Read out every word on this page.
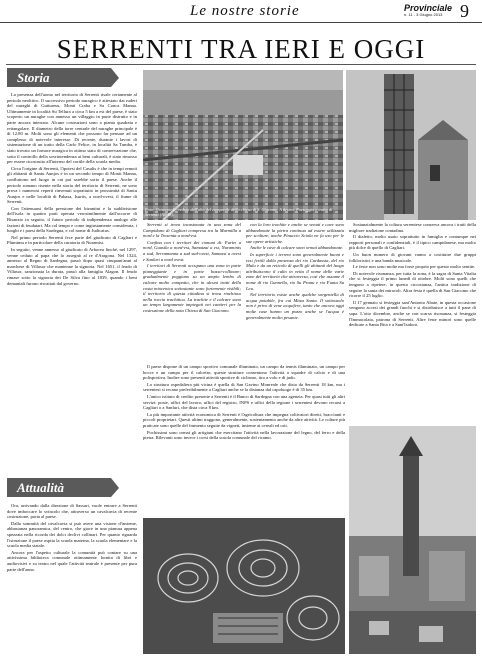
Le nostre storie	Provinciale
n. 11 - 3 Giugno 2013 9
SERRENTI TRA IERI E OGGI
Storia

La presenza dell'uomo nel territorio di Serrenti risale certamente al periodo neolitico. Il successivo periodo nuragico è attestato dai ruderi del nuraghi di Guttureus, Monti Craba e Sa Conca Manna. Ultimamente in località Su Tellura a circa 5 km a est del paese, è stato scoperto un nuraghe con annesso un villaggio in parte distrutto e in parte ancora interrato. Alcune costruzioni sono a pianta quadrata e rettangolare. Il diametro della torre centrale del nuraghe principale è di 12,80 m. Molti sono gli elementi che possono far pensare ad un complesso di notevole interesse. Di recente, durante i lavori di sistemazione di un tratto della Carlo Felice, in località Sa Tumba, è stato trovato un fornace nuragica in ottimo stato di conservazione che, sotto il controllo della sovrintendenza ai beni culturali, è stato rimosso per essere ricostruito all'interno del cortile della scuola media.

Circa l'origine di Serrenti, l'ipotesi del Casalis è che in tempi remoti gli abitanti di Santu Aunjos e in un secondo tempo di Monti Manna, confluirono nel luogo in cui poi sarebbe sorto il paese. Anche il periodo romano risente nella storia del territorio di Serrenti, ne sono prova i numerosi reperti rinvenuti soprattutto in prossimità di Santu Aunjos e nelle località di Pabasa, Isurtis, a nord-ovest, il fiume di Serrenti.

Con l'attenuarsi della pressione dei bizantini e la suddivisione dell'isola in quattro parti operata verosimilmente dall'accorre di Bisanzio in seguito, il futuro periodo di indipendenza analogo alle fazioni di feudatari. Ma col tempo e come ingiustamente considerata, i luoghi e i paesi della Sardegna, e col nome di Judicatus.

Nel primo periodo Serrenti fece parte del giudicato di Cagliari e Plumimu e in particolare della curatoria di Nuramisi.

In seguito, venne annesso al giudicato di Arborea finché, nel 1297, venne ceduto al papa che lo assegnò al re d'Aragona. Nel 1324, annesso al Regno di Sardegna, passò dopo quasi cinquant'anni al marchese di Villasor che mantenne la signoria. Nel 1651, il feudo di Villasor, sanzionata la durata, passò alla famiglia Alagon. Il feudo rimase sotto la signoria dei De Silva fino al 1839, quando i beni demaniali furono riscattati dal governo.

Attualità

Ora, arrivando dalla direzione di Sassari, vuole entrare a Serrenti dove imboccare lo svincolo che, attraverso un cavalcavia di recente costruzione, porta al paese.

Dalla sommità del cavalcavia si può avere una visione d'insieme, abbastanza panoramica, del centro, che giace in una pianura appena spezzata nella ricorda dei dolci declivi collinari. Per quanto riguarda l'istruzione il paese ospita la scuola materna, la scuola elementare e la scuola media statale.

Ancora per l'aspetto culturale la comunità può contare su una attivissima biblioteca comunale ottimamente fornita di libri e audiovisivi e su teatro nel quale l'attività teatrale è presente per pura parte dell'anno.

Foto: Orizzontale, veduta dall'alto del campanile della chiesa di S. Giacomo. A destra: Paesaggio e tratto di Serrenti (ANAS).

Serrenti si trova incastonata in una zona del Campidano di Cagliari compresa tra la Marmilla a nord e la Trexenta a nord-est.

Confina con i territori dei comuni di: Furtei a nord, Guasila a nord-est, Samatzai a est, Nuraminis a sud, Serramanna a sud sud-ovest, Samassi a ovest e Sanluri a nord ovest.

I territori di Serrenti occupano una zona in parte pianeggiante e in parte basso-collinare; gradualmente poggiano su un ampio lembo di calcare molto compatto, che in alcuni tratti della costa miocenica sottostante sono fortemente visibili; il territorio di questa cittadina si trova rinchiuso nella roccia trachitica. La trachite e il calcare sono un tempo largamente impiegati nei cantieri per la costruzione della nota Chiesa di San Giacomo.

con la loro trachite e anche se venuti e cave sono abbandonate la pietra continua ad essere utilizzata per scolture, anche Pinuccio Sciola ne fa uso per le sue opere artistiche.

Anche le cave di calcare sono ormai abbandonate.

In superficie i terreni sono generalmente buoni e resi fertili dalla presenza dei rio Cardassia, del rio Mulu e da un reticolo di quelli gli abitanti del luogo attribuiscono il culto in vetta il nome delle varie zone del territorio che attraversa, così che assume il nome di rio Gunnella, rio Su Pranu e rio Funta Su Leu.

Nel territorio esiste anche qualche sorgentella di acqua potabile, fra cui Mitza Santa. Il sottosuolo non è privo di vene acquifere, tanto che ancora oggi molte case hanno un pozzo anche se l'acqua è generalmente molto pesante.

Sostanzialmente la coltura serrentese conserva ancora i tratti della migliore tradizione contadina.

Il dialetto, molto usato soprattutto in famiglia e comunque nei rapporti personali e confidenziali, è il tipico campidanese, ma molto più dolce di quello di Cagliari.

Un buon numero di giovani vanno a costituire due gruppi folkloristici e una banda musicale.

Le feste non sono molte ma forse proprio per questo molto sentite.

Di notevole risonanza, per tutta la zona, è la sagra di Santa Vitalia che si festeggia il primo lunedì di ottobre. Molti sono quelli che tengono a ripetere, in questa circostanza, l'antica tradizione di seguire la santa dei miracoli. Altra festa è quella di San Giacomo che ricorre il 25 luglio.

Il 17 gennaio si festeggia sant'Antonio Abate, in questa occasione vengono accesi dei grandi fuochi e si distribuisce a tutti il pane di sapa. L'otto dicembre, anche se con scarsa risonanza, si festeggia l'Immacolata, patrona di Serrenti. Altre feste minori sono quelle dedicate a Santa Rita e a Sant'Isidoro.

Il paese dispone di un campo sportivo comunale illuminato, un campo da tennis illuminato, un campo per bocce e un campo per il calcetto; queste strutture consentono l'attività a squadre di calcio e di una polisportiva. Inoltre sono presenti attività sportive di ciclismo, tiro a volo e di judo.

La struttura ospedaliera più vicina è quella di San Gavino Monreale che dista da Serrenti 18 km, ma i serrentesi si recano preferibilmente a Cagliari anche se la distanza dal capoluogo è di 35 km.

L'unico istituto di credito presente a Serrenti è il Banco di Sardegna con una agenzia. Per quasi tutti gli altri servizi: poste, uffici del lavoro, uffici del registro, INPS e uffici della regione i serrentesi devono recarsi a Cagliari o a Sanluri, che dista circa 8 km.

La più importante attività economica di Serrenti è l'agricoltura che impegna coltivatori diretti, braccianti e piccoli proprietari. Questi ultimi traggono, generalmente, sostentamento anche da altre attività. Le colture più praticate sono quelle del frumento seguite da vigneti, insieme ai cereali ed orti.

Pochissimi sono ormai gli artigiani che esercitano l'attività nella lavorazione del legno, del ferro e della pietra. Rilevanti sono invece i corsi della scuola comunale del ricamo.
